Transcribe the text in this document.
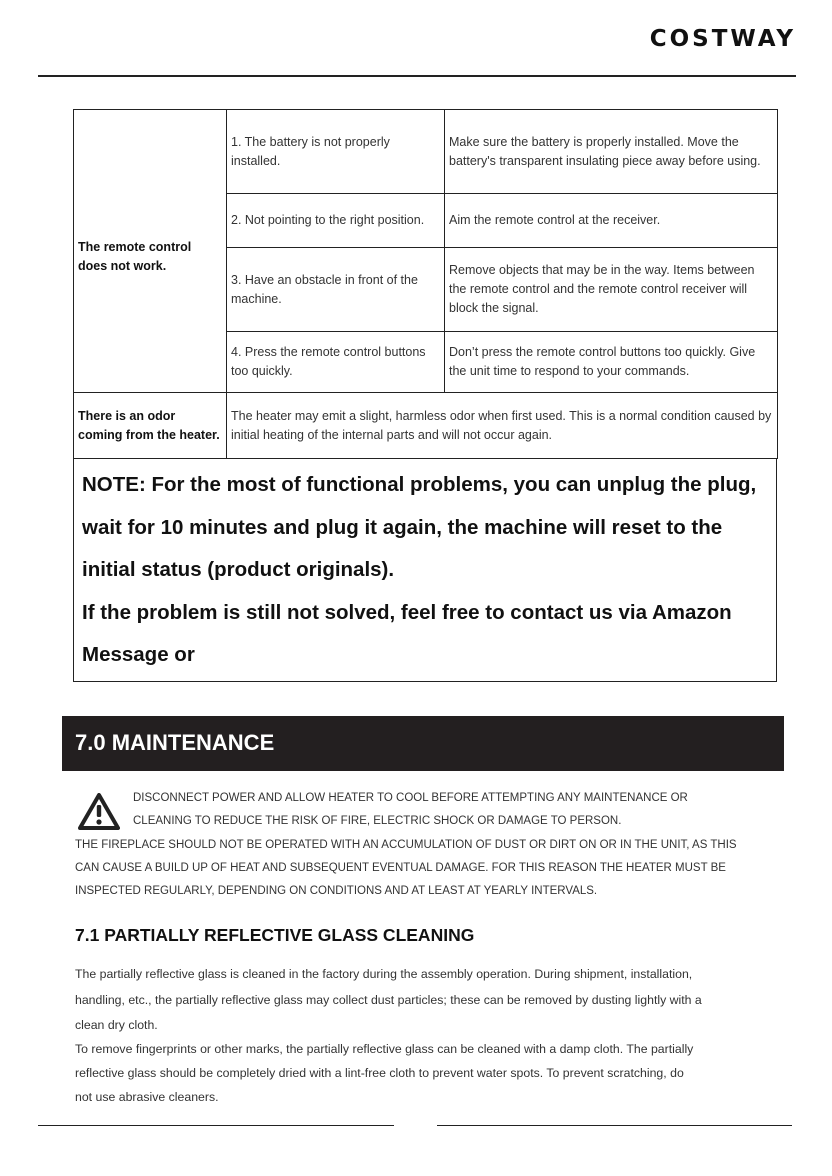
COSTWAY
The remote control does not work.	1. The battery is not properly installed.	Make sure the battery is properly installed. Move the battery's transparent insulating piece away before using.
	2. Not pointing to the right position.	Aim the remote control at the receiver.
	3. Have an obstacle in front of the machine.	Remove objects that may be in the way. Items between the remote control and the remote control receiver will block the signal.
	4. Press the remote control buttons too quickly.	Don’t press the remote control buttons too quickly. Give the unit time to respond to your commands.
There is an odor coming from the heater.	The heater may emit a slight, harmless odor when first used. This is a normal condition caused by initial heating of the internal parts and will not occur again.	

NOTE: For the most of functional problems, you can unplug the plug,

wait for 10 minutes and plug it again, the machine will reset to the

initial status (product originals).

If the problem is still not solved, feel free to contact us via Amazon

Message or

7.0 MAINTENANCE
DISCONNECT POWER AND ALLOW HEATER TO COOL BEFORE ATTEMPTING ANY MAINTENANCE OR
CLEANING TO REDUCE THE RISK OF FIRE, ELECTRIC SHOCK OR DAMAGE TO PERSON.
THE FIREPLACE SHOULD NOT BE OPERATED WITH AN ACCUMULATION OF DUST OR DIRT ON OR IN THE UNIT, AS THIS
CAN CAUSE A BUILD UP OF HEAT AND SUBSEQUENT EVENTUAL DAMAGE. FOR THIS REASON THE HEATER MUST BE
INSPECTED REGULARLY, DEPENDING ON CONDITIONS AND AT LEAST AT YEARLY INTERVALS.
7.1 PARTIALLY REFLECTIVE GLASS CLEANING
The partially reflective glass is cleaned in the factory during the assembly operation. During shipment, installation,
handling, etc., the partially reflective glass may collect dust particles; these can be removed by dusting lightly with a
clean dry cloth.
To remove fingerprints or other marks, the partially reflective glass can be cleaned with a damp cloth. The partially
reflective glass should be completely dried with a lint-free cloth to prevent water spots. To prevent scratching, do
not use abrasive cleaners.
